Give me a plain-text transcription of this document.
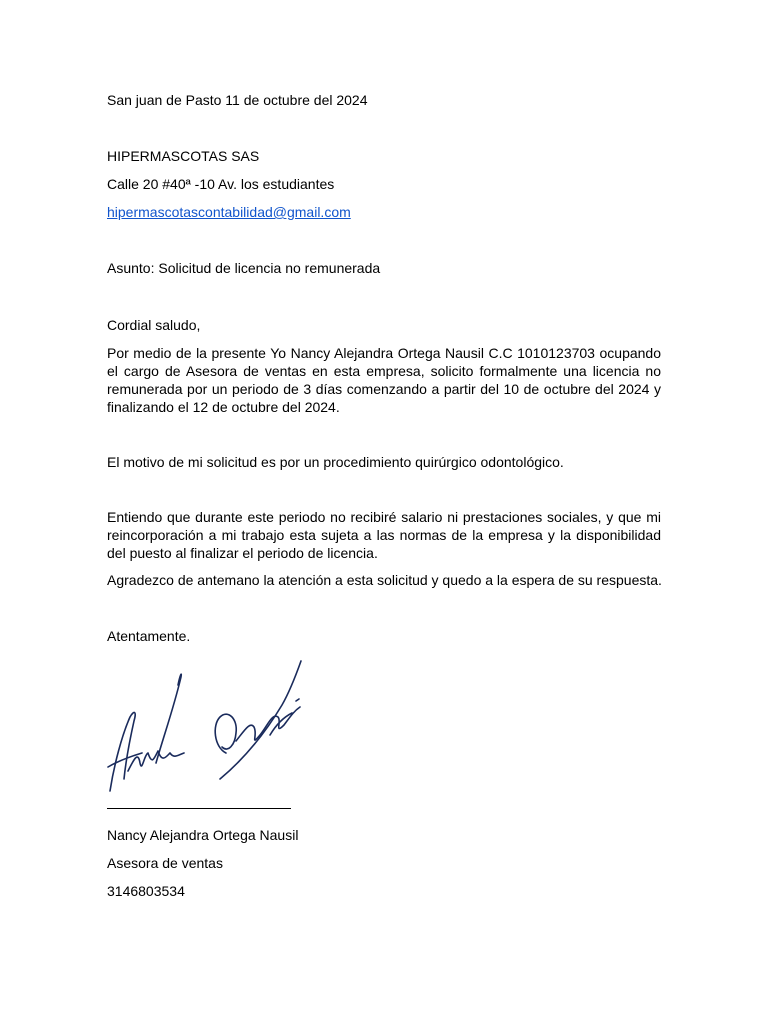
San juan de Pasto 11 de octubre del 2024

HIPERMASCOTAS SAS

Calle 20 #40ª -10 Av. los estudiantes

hipermascotascontabilidad@gmail.com

Asunto: Solicitud de licencia no remunerada

Cordial saludo,

Por medio de la presente Yo Nancy Alejandra Ortega Nausil C.C 1010123703 ocupando el cargo de Asesora de ventas en esta empresa, solicito formalmente una licencia no remunerada por un periodo de 3 días comenzando a partir del 10 de octubre del 2024 y finalizando el 12 de octubre del 2024.

El motivo de mi solicitud es por un procedimiento quirúrgico odontológico.

Entiendo que durante este periodo no recibiré salario ni prestaciones sociales, y que mi reincorporación a mi trabajo esta sujeta a las normas de la empresa y la disponibilidad del puesto al finalizar el periodo de licencia.

Agradezco de antemano la atención a esta solicitud y quedo a la espera de su respuesta.

Atentamente.

Nancy Alejandra Ortega Nausil

Asesora de ventas

3146803534
